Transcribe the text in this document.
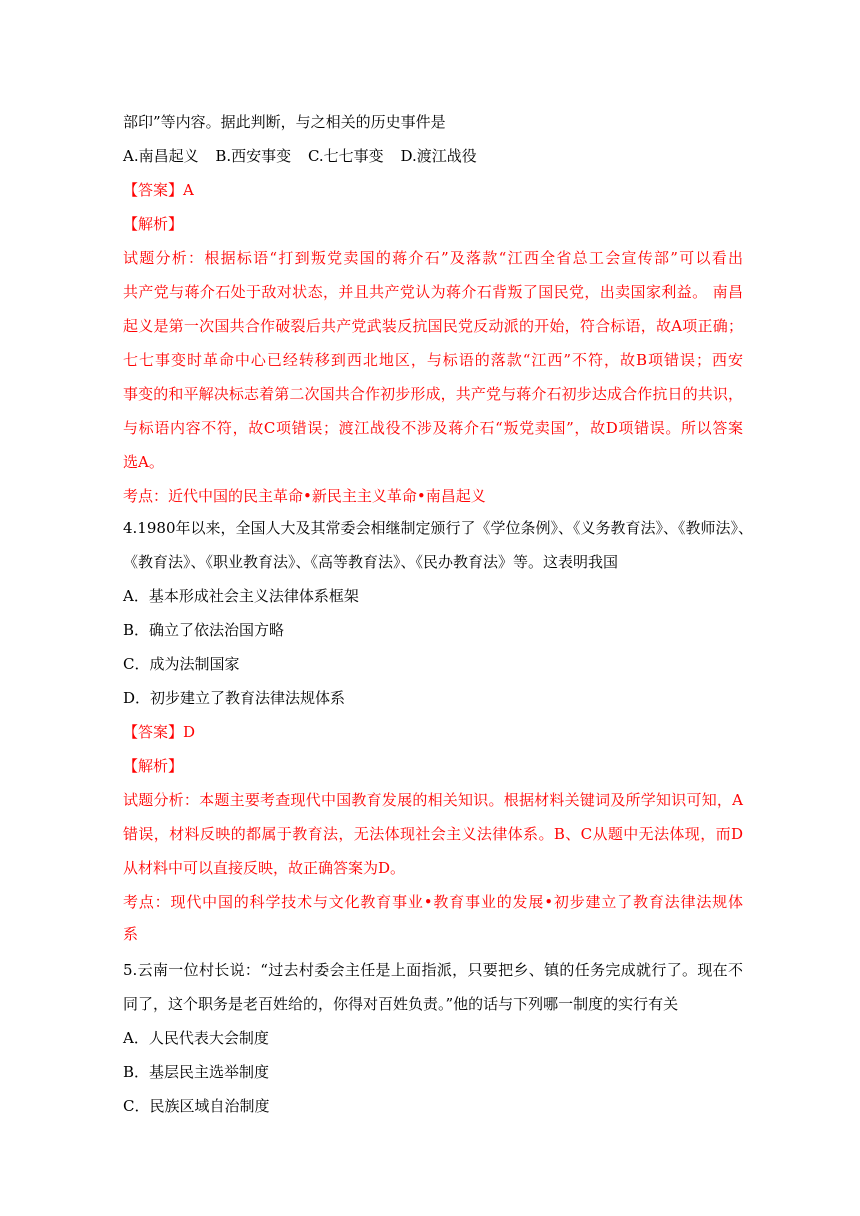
部印”等内容。据此判断，与之相关的历史事件是
A.南昌起义 B.西安事变 C.七七事变 D.渡江战役
【答案】A
【解析】
试题分析：根据标语“打到叛党卖国的蒋介石”及落款“江西全省总工会宣传部”可以看出
共产党与蒋介石处于敌对状态，并且共产党认为蒋介石背叛了国民党，出卖国家利益。 南昌
起义是第一次国共合作破裂后共产党武装反抗国民党反动派的开始，符合标语，故A项正确；
七七事变时革命中心已经转移到西北地区，与标语的落款“江西”不符，故B项错误；西安
事变的和平解决标志着第二次国共合作初步形成，共产党与蒋介石初步达成合作抗日的共识，
与标语内容不符，故C项错误；渡江战役不涉及蒋介石“叛党卖国”，故D项错误。所以答案
选A。
考点：近代中国的民主革命•新民主主义革命•南昌起义
4.1980年以来，全国人大及其常委会相继制定颁行了《学位条例》、《义务教育法》、《教师法》、
《教育法》、《职业教育法》、《高等教育法》、《民办教育法》等。这表明我国
A．基本形成社会主义法律体系框架
B．确立了依法治国方略
C．成为法制国家
D．初步建立了教育法律法规体系
【答案】D
【解析】
试题分析：本题主要考查现代中国教育发展的相关知识。根据材料关键词及所学知识可知，A
错误，材料反映的都属于教育法，无法体现社会主义法律体系。B、C从题中无法体现，而D
从材料中可以直接反映，故正确答案为D。
考点：现代中国的科学技术与文化教育事业•教育事业的发展•初步建立了教育法律法规体
系
5.云南一位村长说：“过去村委会主任是上面指派，只要把乡、镇的任务完成就行了。现在不
同了，这个职务是老百姓给的，你得对百姓负责。”他的话与下列哪一制度的实行有关
A．人民代表大会制度
B．基层民主选举制度
C．民族区域自治制度
